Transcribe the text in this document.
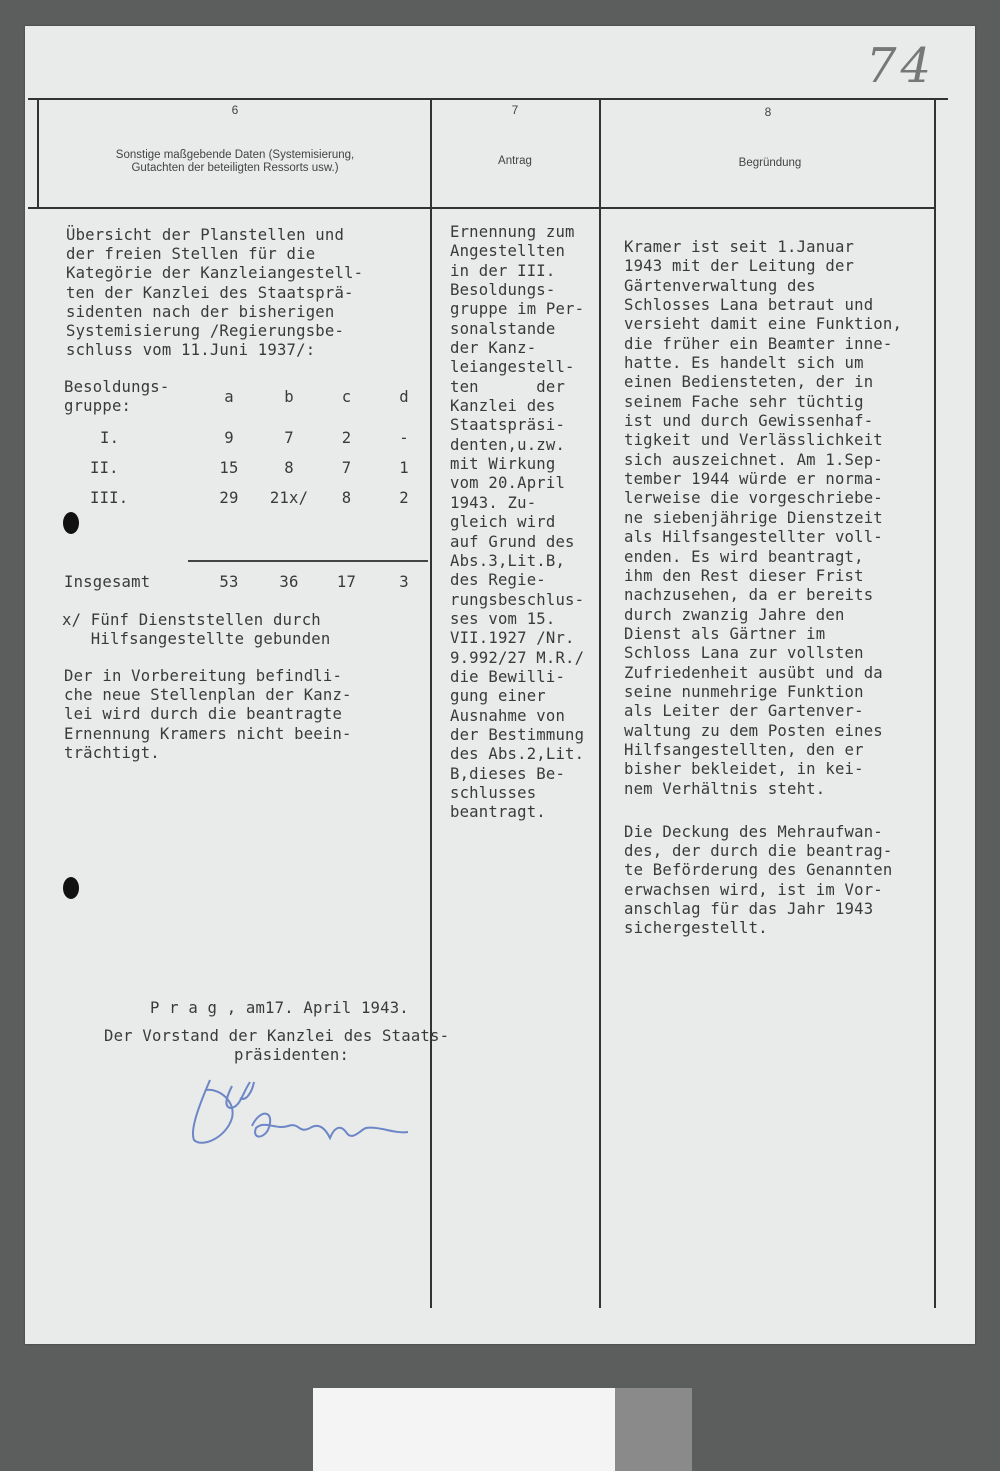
74
6	7	8
Sonstige maßgebende Daten (Systemisierung,
Gutachten der beteiligten Ressorts usw.)
Antrag	Begründung
Übersicht der Planstellen und
der freien Stellen für die
Kategörie der Kanzleiangestell-
ten der Kanzlei des Staatsprä-
sidenten nach der bisherigen
Systemisierung /Regierungsbe-
schluss vom 11.Juni 1937/:
Besoldungs-
gruppe:	a	b	c	d
I.	9	7	2	-
II.	15	8	7	1
III.	29	21x/	8	2
Insgesamt	53	36	17	3
x/ Fünf Dienststellen durch
Hilfsangestellte gebunden
Der in Vorbereitung befindli-
che neue Stellenplan der Kanz-
lei wird durch die beantragte
Ernennung Kramers nicht beein-
trächtigt.
Ernennung zum
Angestellten
in der III.
Besoldungs-
gruppe im Per-
sonalstande
der Kanz-
leiangestell-
ten      der
Kanzlei des
Staatspräsi-
denten,u.zw.
mit Wirkung
vom 20.April
1943. Zu-
gleich wird
auf Grund des
Abs.3,Lit.B,
des Regie-
rungsbeschlus-
ses vom 15.
VII.1927 /Nr.
9.992/27 M.R./
die Bewilli-
gung einer
Ausnahme von
der Bestimmung
des Abs.2,Lit.
B,dieses Be-
schlusses
beantragt.
Kramer ist seit 1.Januar
1943 mit der Leitung der
Gärtenverwaltung des
Schlosses Lana betraut und
versieht damit eine Funktion,
die früher ein Beamter inne-
hatte. Es handelt sich um
einen Bediensteten, der in
seinem Fache sehr tüchtig
ist und durch Gewissenhaf-
tigkeit und Verlässlichkeit
sich auszeichnet. Am 1.Sep-
tember 1944 würde er norma-
lerweise die vorgeschriebe-
ne siebenjährige Dienstzeit
als Hilfsangestellter voll-
enden. Es wird beantragt,
ihm den Rest dieser Frist
nachzusehen, da er bereits
durch zwanzig Jahre den
Dienst als Gärtner im
Schloss Lana zur vollsten
Zufriedenheit ausübt und da
seine nunmehrige Funktion
als Leiter der Gartenver-
waltung zu dem Posten eines
Hilfsangestellten, den er
bisher bekleidet, in kei-
nem Verhältnis steht.
Die Deckung des Mehraufwan-
des, der durch die beantrag-
te Beförderung des Genannten
erwachsen wird, ist im Vor-
anschlag für das Jahr 1943
sichergestellt.
P r a g , am17. April 1943.
Der Vorstand der Kanzlei des Staats-
präsidenten:
